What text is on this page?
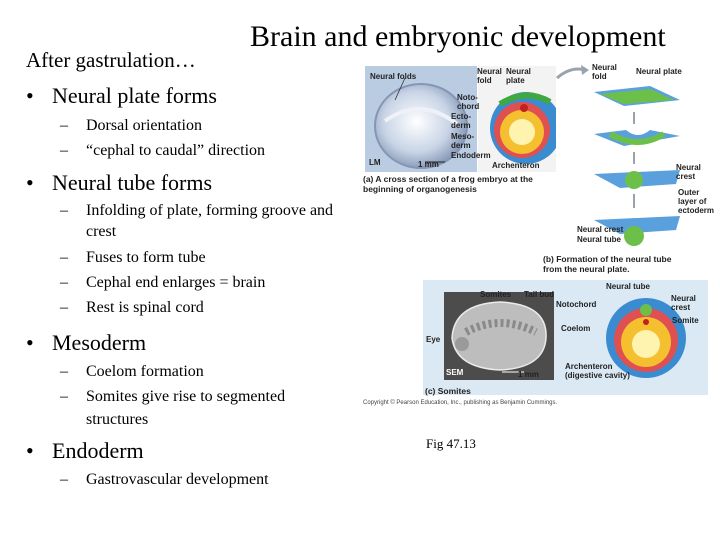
Brain and embryonic development
After gastrulation…
• Neural plate forms
– Dorsal orientation
– “cephal to caudal” direction
• Neural tube forms
– Infolding of plate, forming groove and
crest
– Fuses to form tube
– Cephal end enlarges = brain
– Rest is spinal cord
• Mesoderm
– Coelom formation
– Somites give rise to segmented
structures
• Endoderm
– Gastrovascular development
Fig 47.13
Neural folds
LM	1 mm
Neural
fold
Neural
plate
Noto-
chord
Ecto-
derm
Meso-
derm
Endoderm
Archenteron
(a) A cross section of a frog embryo at the
beginning of organogenesis
Neural
fold
Neural plate
Neural
crest
Outer
layer of
ectoderm
Neural crest
Neural tube
(b) Formation of the neural tube
from the neural plate.
Somites Tail bud
Notochord
Neural tube
Neural
crest
Somite
Coelom
Eye
SEM	1 mm
Archenteron
(digestive cavity)
(c) Somites
Copyright © Pearson Education, Inc., publishing as Benjamin Cummings.
